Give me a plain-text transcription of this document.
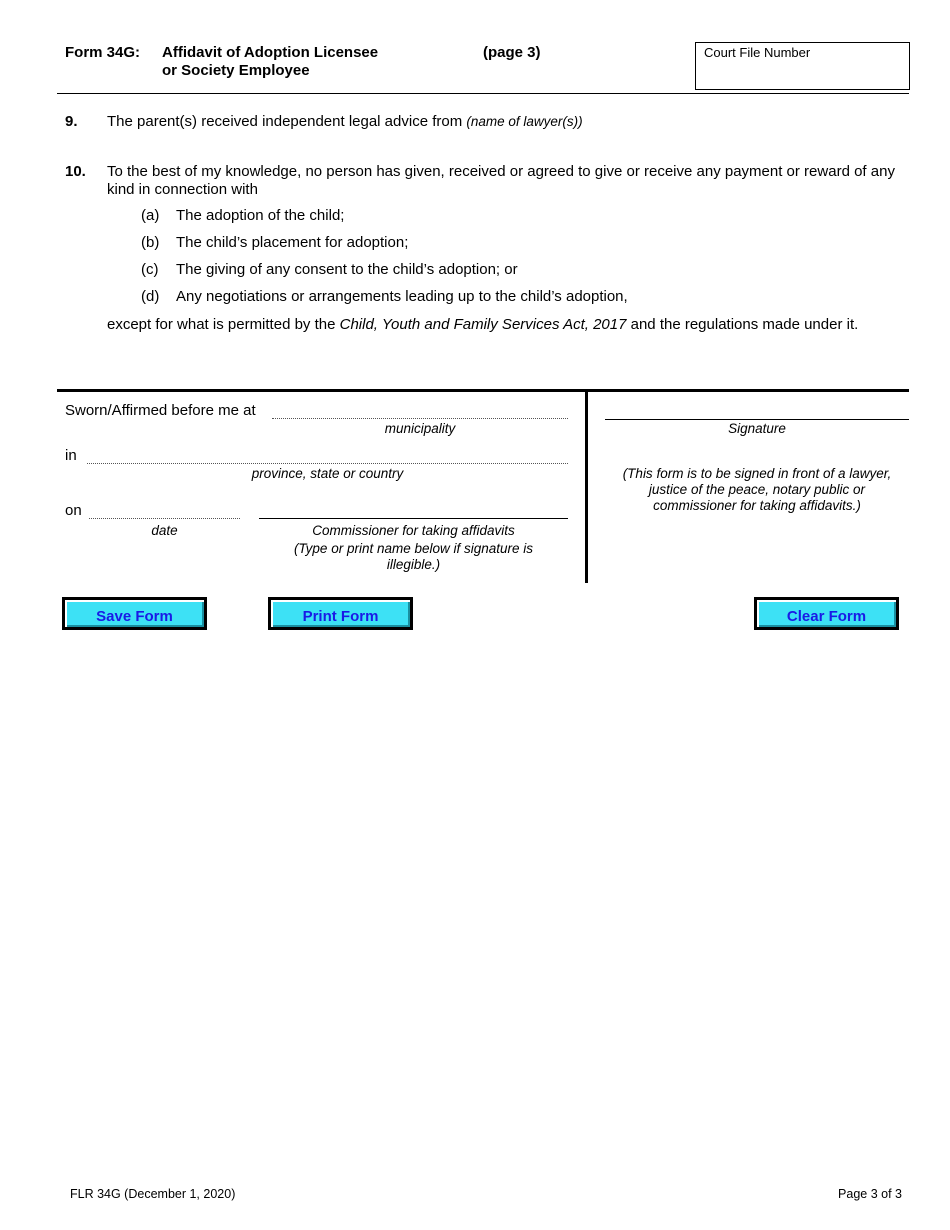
Form 34G: Affidavit of Adoption Licensee
or Society Employee
(page 3)	Court File Number
9. The parent(s) received independent legal advice from (name of lawyer(s))
10. To the best of my knowledge, no person has given, received or agreed to give or receive any payment or reward of any kind in connection with
(a) The adoption of the child;
(b) The child’s placement for adoption;
(c) The giving of any consent to the child’s adoption; or
(d) Any negotiations or arrangements leading up to the child’s adoption,
except for what is permitted by the Child, Youth and Family Services Act, 2017 and the regulations made under it.
Sworn/Affirmed before me at
municipality
in
province, state or country
on
date	Commissioner for taking affidavits
(Type or print name below if signature is illegible.)
Signature
(This form is to be signed in front of a lawyer, justice of the peace, notary public or commissioner for taking affidavits.)
Save Form	Print Form	Clear Form
FLR 34G (December 1, 2020)	Page 3 of 3
